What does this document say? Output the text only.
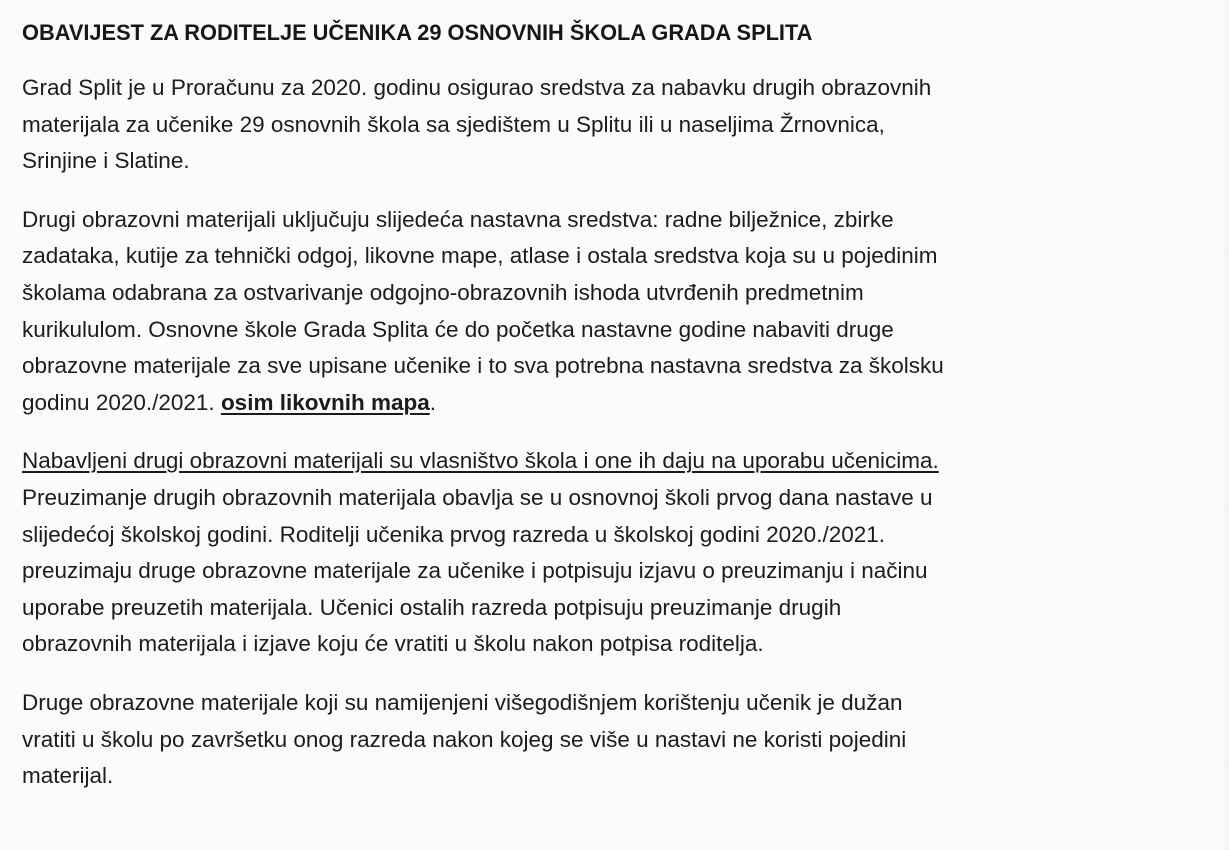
OBAVIJEST ZA RODITELJE UČENIKA 29 OSNOVNIH ŠKOLA GRADA SPLITA

Grad Split je u Proračunu za 2020. godinu osigurao sredstva za nabavku drugih obrazovnih
materijala za učenike 29 osnovnih škola sa sjedištem u Splitu ili u naseljima Žrnovnica,
Srinjine i Slatine.

Drugi obrazovni materijali uključuju slijedeća nastavna sredstva: radne bilježnice, zbirke
zadataka, kutije za tehnički odgoj, likovne mape, atlase i ostala sredstva koja su u pojedinim
školama odabrana za ostvarivanje odgojno-obrazovnih ishoda utvrđenih predmetnim
kurikululom. Osnovne škole Grada Splita će do početka nastavne godine nabaviti druge
obrazovne materijale za sve upisane učenike i to sva potrebna nastavna sredstva za školsku
godinu 2020./2021. osim likovnih mapa.

Nabavljeni drugi obrazovni materijali su vlasništvo škola i one ih daju na uporabu učenicima.
Preuzimanje drugih obrazovnih materijala obavlja se u osnovnoj školi prvog dana nastave u
slijedećoj školskoj godini. Roditelji učenika prvog razreda u školskoj godini 2020./2021.
preuzimaju druge obrazovne materijale za učenike i potpisuju izjavu o preuzimanju i načinu
uporabe preuzetih materijala. Učenici ostalih razreda potpisuju preuzimanje drugih
obrazovnih materijala i izjave koju će vratiti u školu nakon potpisa roditelja.

Druge obrazovne materijale koji su namijenjeni višegodišnjem korištenju učenik je dužan
vratiti u školu po završetku onog razreda nakon kojeg se više u nastavi ne koristi pojedini
materijal.
